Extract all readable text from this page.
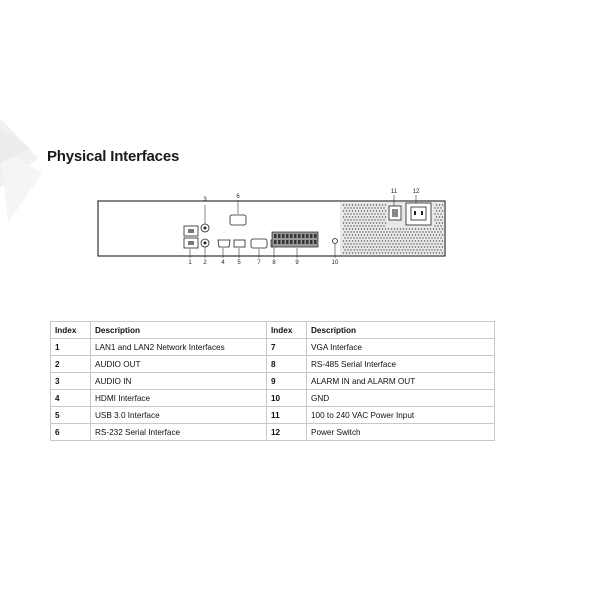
Physical Interfaces
1 2
3
4 5
6
7 8	9	10
11	12
Index	Description	Index	Description
1	LAN1 and LAN2 Network Interfaces	7	VGA Interface
2	AUDIO OUT	8	RS-485 Serial Interface
3	AUDIO IN	9	ALARM IN and ALARM OUT
4	HDMI Interface	10	GND
5	USB 3.0 Interface	11	100 to 240 VAC Power Input
6	RS-232 Serial Interface	12	Power Switch
